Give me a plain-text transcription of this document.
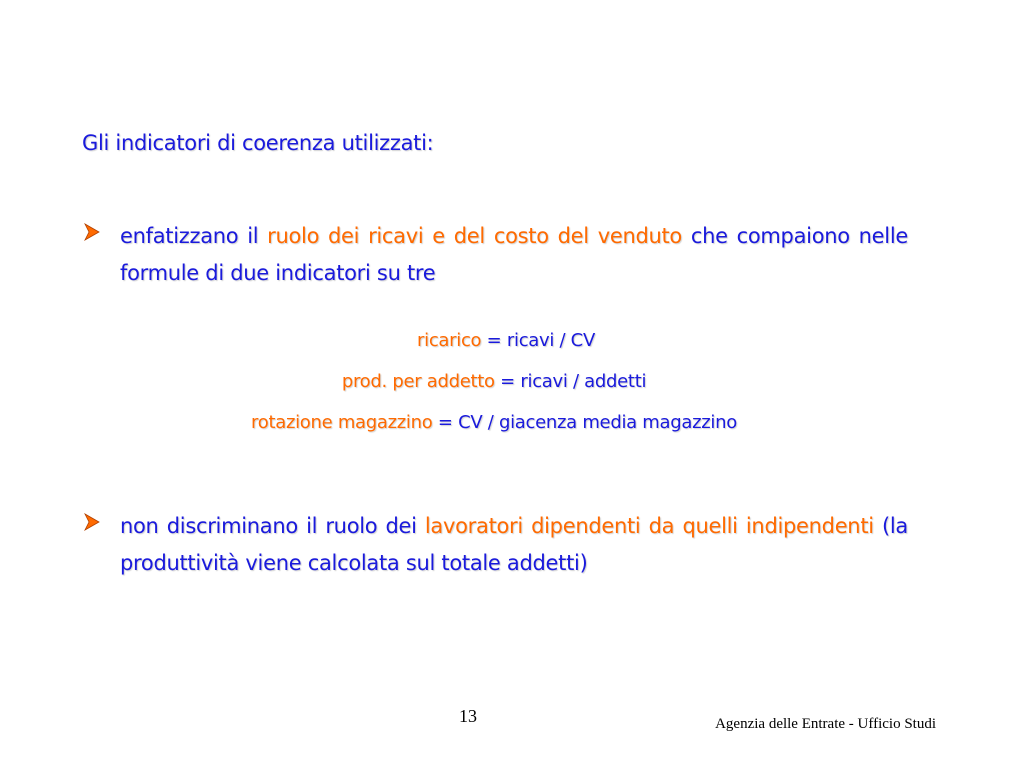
Gli indicatori di coerenza utilizzati:
enfatizzano il ruolo dei ricavi e del costo del venduto che compaiono nelle formule di due indicatori su tre
ricarico = ricavi / CV
prod. per addetto = ricavi / addetti
rotazione magazzino = CV / giacenza media magazzino
non discriminano il ruolo dei lavoratori dipendenti da quelli indipendenti (la produttività viene calcolata sul totale addetti)
13	Agenzia delle Entrate - Ufficio Studi
